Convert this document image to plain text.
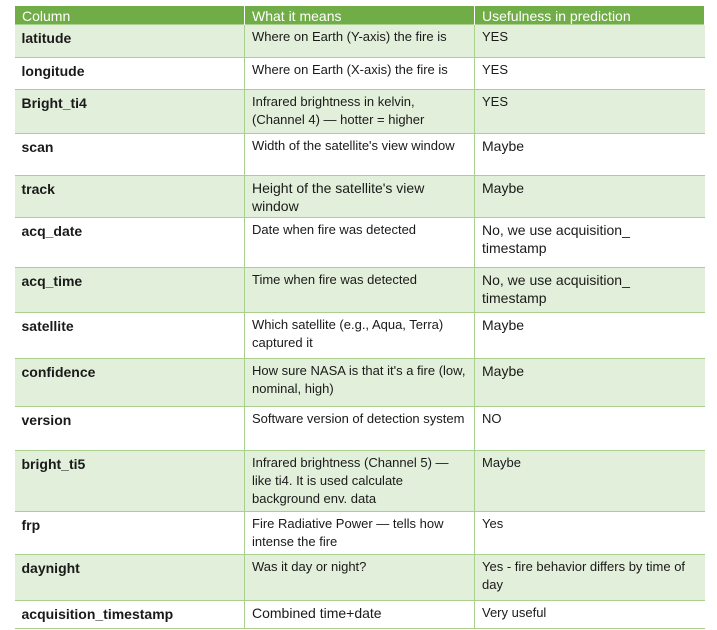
Column	What it means	Usefulness in prediction
latitude	Where on Earth (Y-axis) the fire is	YES
longitude	Where on Earth (X-axis) the fire is	YES
Bright_ti4	Infrared brightness in kelvin, (Channel 4) — hotter = higher	YES
scan	Width of the satellite's view window	Maybe
track	Height of the satellite's view window	Maybe
acq_date	Date when fire was detected	No, we use acquisition_ timestamp
acq_time	Time when fire was detected	No, we use acquisition_ timestamp
satellite	Which satellite (e.g., Aqua, Terra) captured it	Maybe
confidence	How sure NASA is that it's a fire (low, nominal, high)	Maybe
version	Software version of detection system	NO
bright_ti5	Infrared brightness (Channel 5) — like ti4. It is used calculate background env. data	Maybe
frp	Fire Radiative Power — tells how intense the fire	Yes
daynight	Was it day or night?	Yes - fire behavior differs by time of day
acquisition_timestamp	Combined time+date	Very useful
